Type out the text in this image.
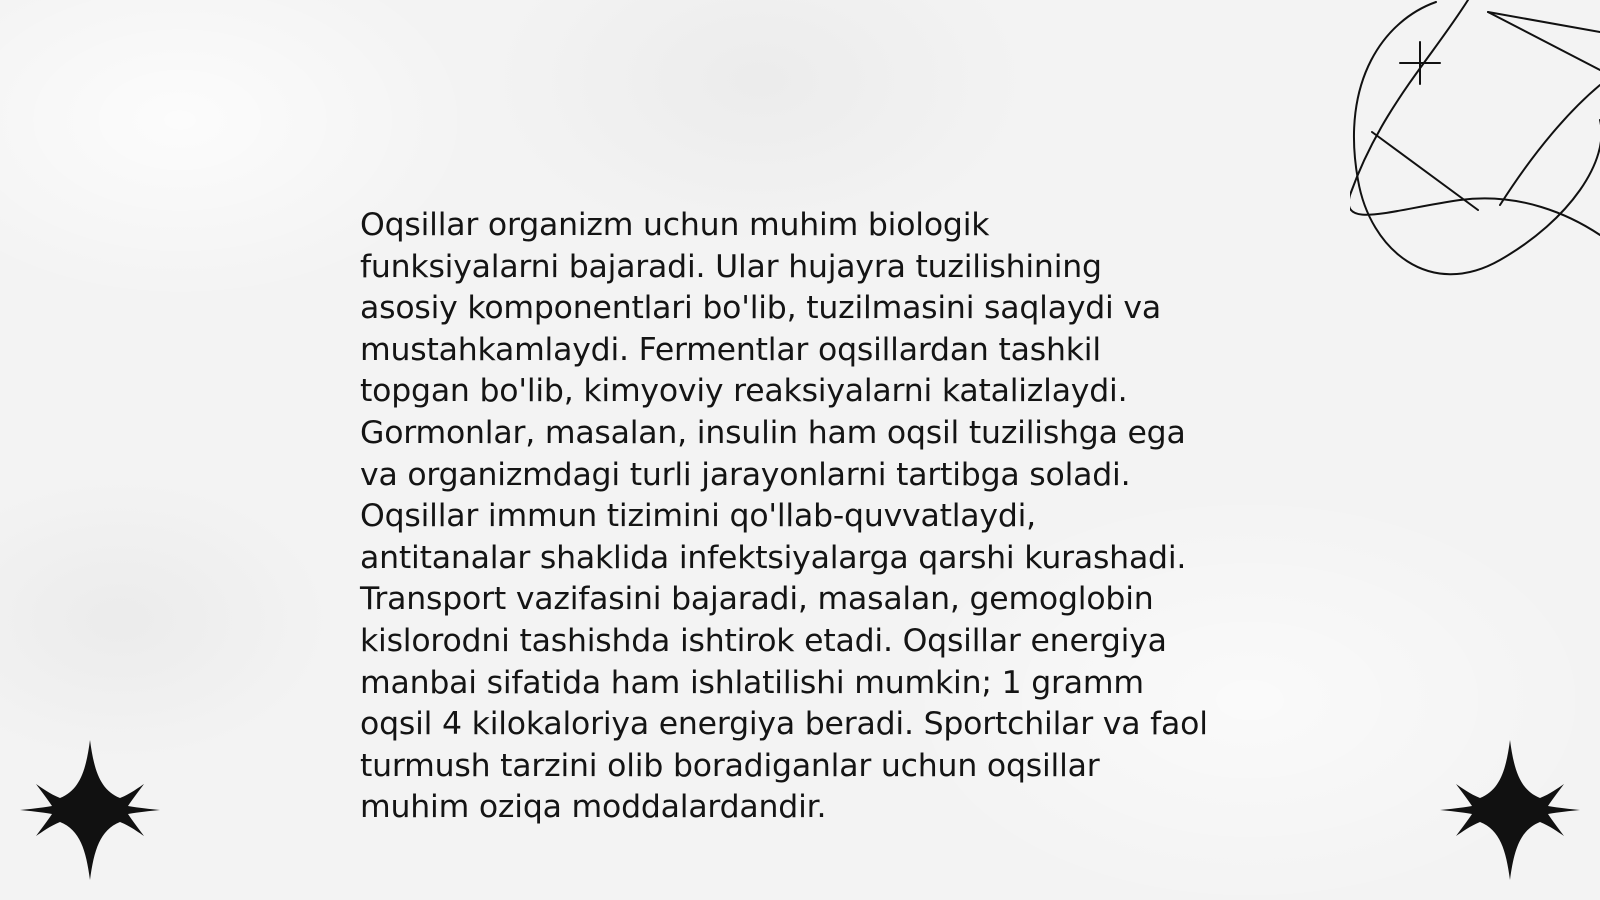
Oqsillar organizm uchun muhim biologik
funksiyalarni bajaradi. Ular hujayra tuzilishining
asosiy komponentlari bo'lib, tuzilmasini saqlaydi va
mustahkamlaydi. Fermentlar oqsillardan tashkil
topgan bo'lib, kimyoviy reaksiyalarni katalizlaydi.
Gormonlar, masalan, insulin ham oqsil tuzilishga ega
va organizmdagi turli jarayonlarni tartibga soladi.
Oqsillar immun tizimini qo'llab-quvvatlaydi,
antitanalar shaklida infektsiyalarga qarshi kurashadi.
Transport vazifasini bajaradi, masalan, gemoglobin
kislorodni tashishda ishtirok etadi. Oqsillar energiya
manbai sifatida ham ishlatilishi mumkin; 1 gramm
oqsil 4 kilokaloriya energiya beradi. Sportchilar va faol
turmush tarzini olib boradiganlar uchun oqsillar
muhim oziqa moddalardandir.
